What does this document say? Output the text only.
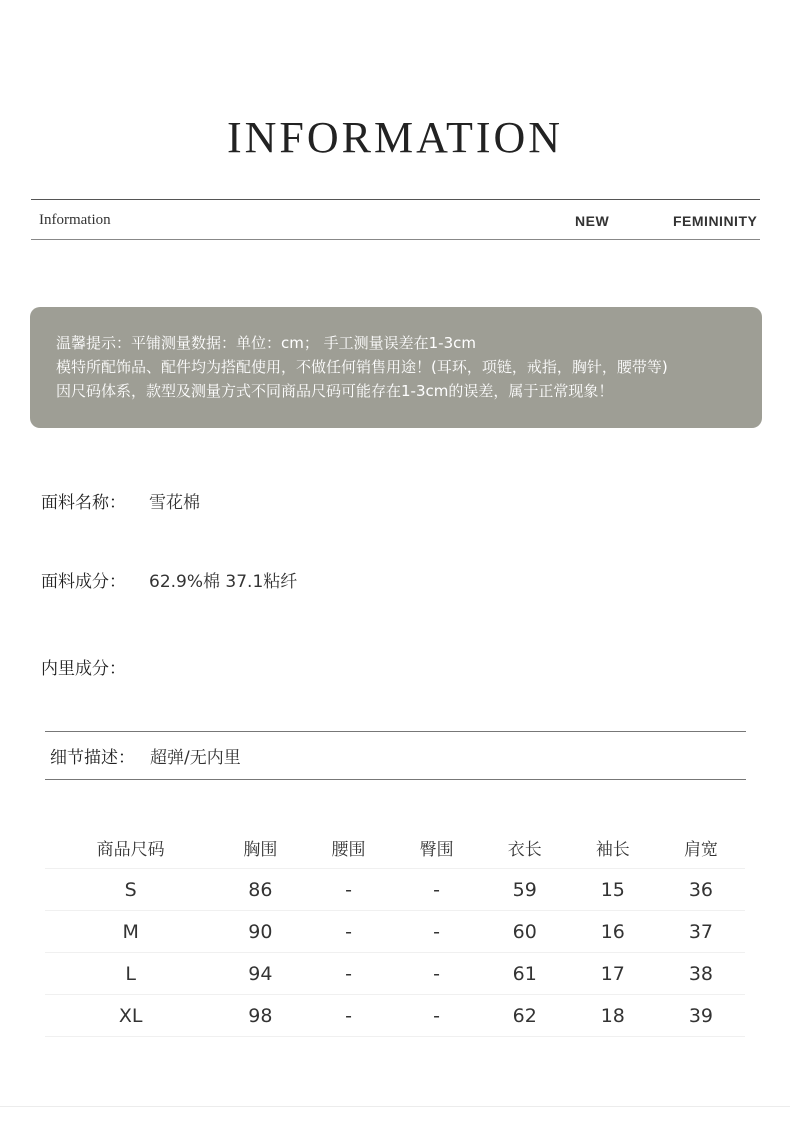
INFORMATION
Information	NEW	FEMININITY
温馨提示：平铺测量数据：单位：cm； 手工测量误差在1-3cm
模特所配饰品、配件均为搭配使用，不做任何销售用途！(耳环，项链，戒指，胸针，腰带等)
因尺码体系，款型及测量方式不同商品尺码可能存在1-3cm的误差，属于正常现象！
面料名称： 雪花棉
面料成分： 62.9%棉 37.1粘纤
内里成分：
细节描述： 超弹/无内里
商品尺码	胸围	腰围	臀围	衣长	袖长	肩宽
S	86	-	-	59	15	36
M	90	-	-	60	16	37
L	94	-	-	61	17	38
XL	98	-	-	62	18	39
